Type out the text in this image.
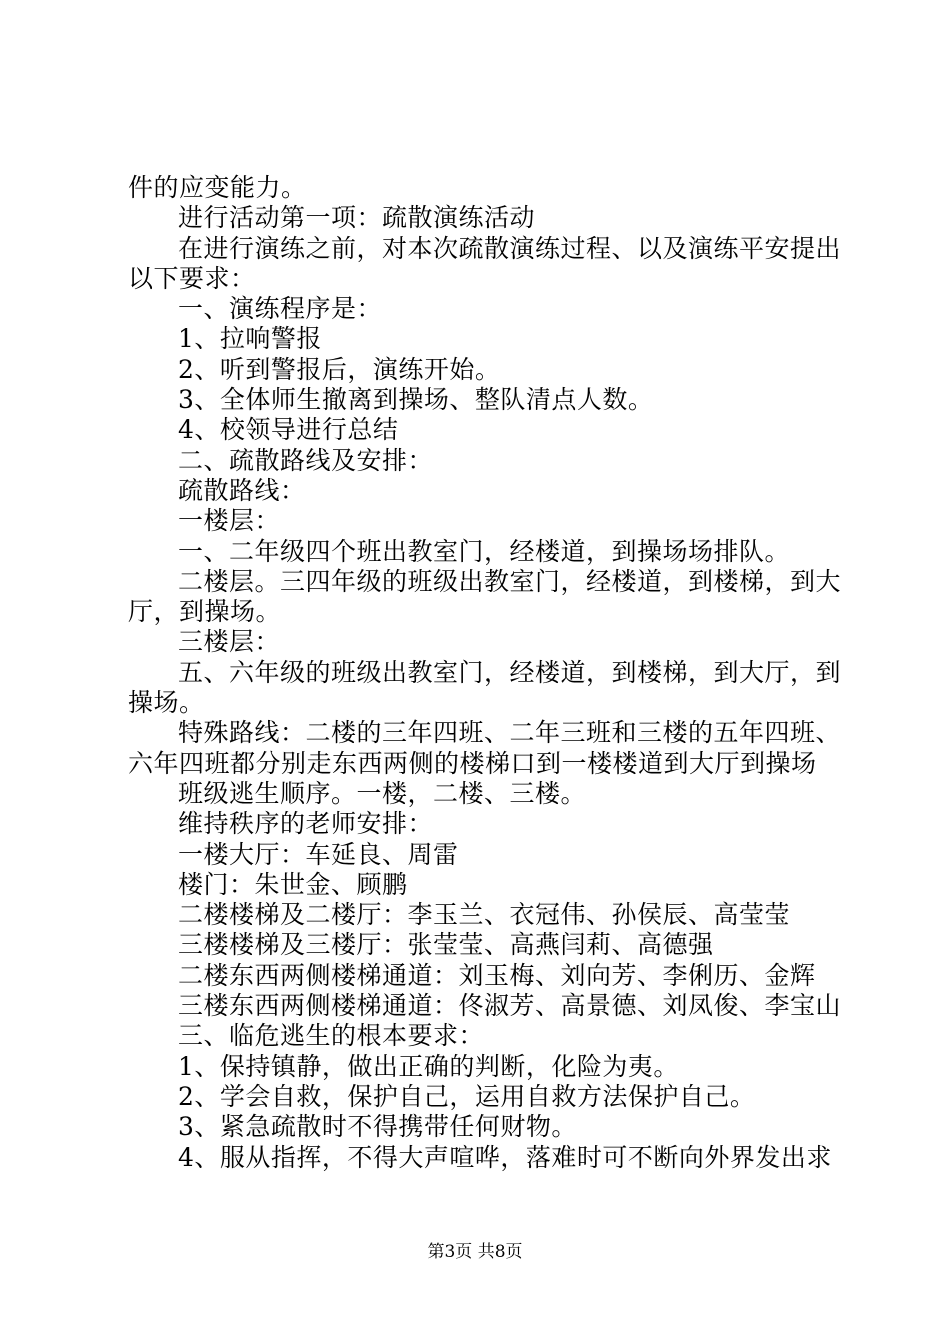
件的应变能力。
进行活动第一项：疏散演练活动
在进行演练之前，对本次疏散演练过程、以及演练平安提出
以下要求：
一、演练程序是：
1、拉响警报
2、听到警报后，演练开始。
3、全体师生撤离到操场、整队清点人数。
4、校领导进行总结
二、疏散路线及安排：
疏散路线：
一楼层：
一、二年级四个班出教室门，经楼道，到操场场排队。
二楼层。三四年级的班级出教室门，经楼道，到楼梯，到大
厅，到操场。
三楼层：
五、六年级的班级出教室门，经楼道，到楼梯，到大厅，到
操场。
特殊路线：二楼的三年四班、二年三班和三楼的五年四班、
六年四班都分别走东西两侧的楼梯口到一楼楼道到大厅到操场
班级逃生顺序。一楼，二楼、三楼。
维持秩序的老师安排：
一楼大厅：车延良、周雷
楼门：朱世金、顾鹏
二楼楼梯及二楼厅：李玉兰、衣冠伟、孙侯辰、高莹莹
三楼楼梯及三楼厅：张莹莹、高燕闫莉、高德强
二楼东西两侧楼梯通道：刘玉梅、刘向芳、李俐历、金辉
三楼东西两侧楼梯通道：佟淑芳、高景德、刘凤俊、李宝山
三、临危逃生的根本要求：
1、保持镇静，做出正确的判断，化险为夷。
2、学会自救，保护自己，运用自救方法保护自己。
3、紧急疏散时不得携带任何财物。
4、服从指挥，不得大声喧哗，落难时可不断向外界发出求
第3页 共8页
